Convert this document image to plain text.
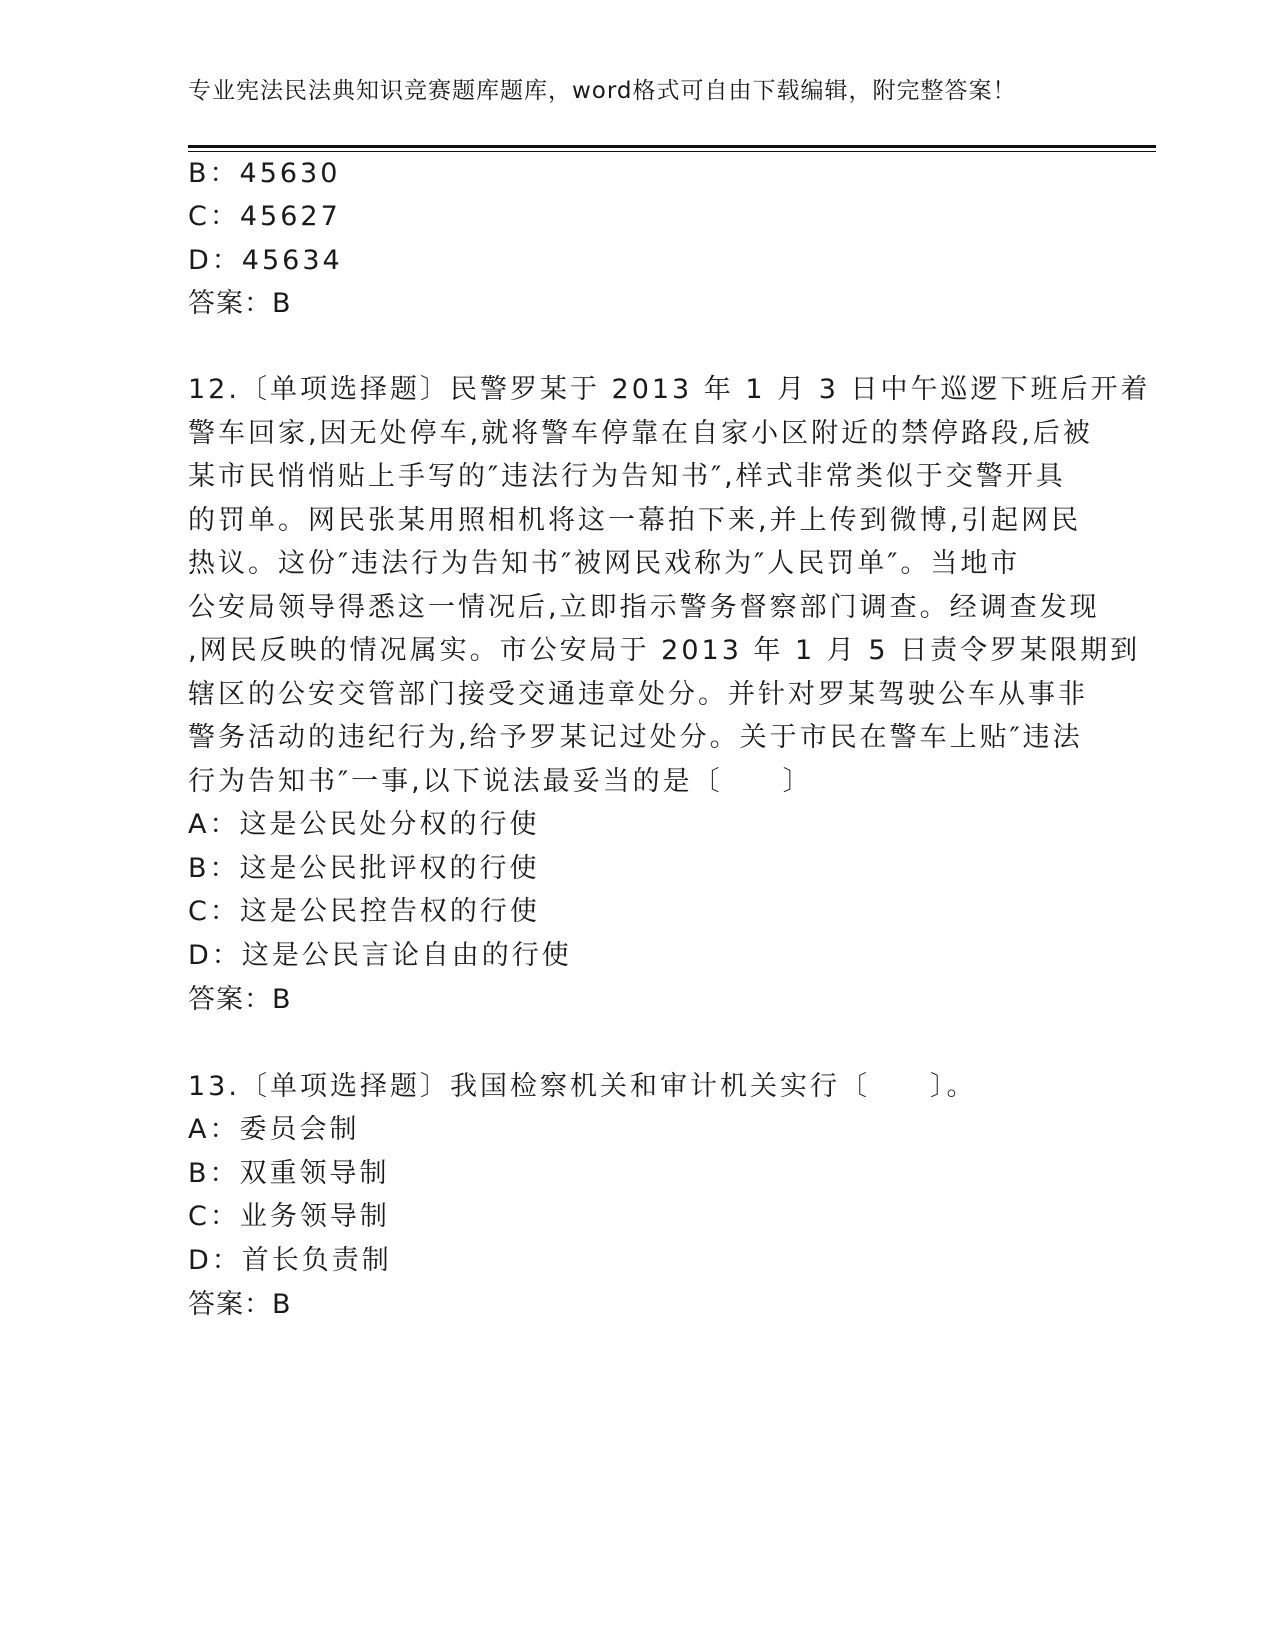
专业宪法民法典知识竞赛题库题库，word格式可自由下载编辑，附完整答案！
B：45630
C：45627
D：45634
答案：B
12.〔单项选择题〕民警罗某于 2013 年 1 月 3 日中午巡逻下班后开着
警车回家,因无处停车,就将警车停靠在自家小区附近的禁停路段,后被
某市民悄悄贴上手写的″违法行为告知书″,样式非常类似于交警开具
的罚单。网民张某用照相机将这一幕拍下来,并上传到微博,引起网民
热议。这份″违法行为告知书″被网民戏称为″人民罚单″。当地市
公安局领导得悉这一情况后,立即指示警务督察部门调查。经调查发现
,网民反映的情况属实。市公安局于 2013 年 1 月 5 日责令罗某限期到
辖区的公安交管部门接受交通违章处分。并针对罗某驾驶公车从事非
警务活动的违纪行为,给予罗某记过处分。关于市民在警车上贴″违法
行为告知书″一事,以下说法最妥当的是〔　　〕
A：这是公民处分权的行使
B：这是公民批评权的行使
C：这是公民控告权的行使
D：这是公民言论自由的行使
答案：B
13.〔单项选择题〕我国检察机关和审计机关实行〔　　〕。
A：委员会制
B：双重领导制
C：业务领导制
D：首长负责制
答案：B
